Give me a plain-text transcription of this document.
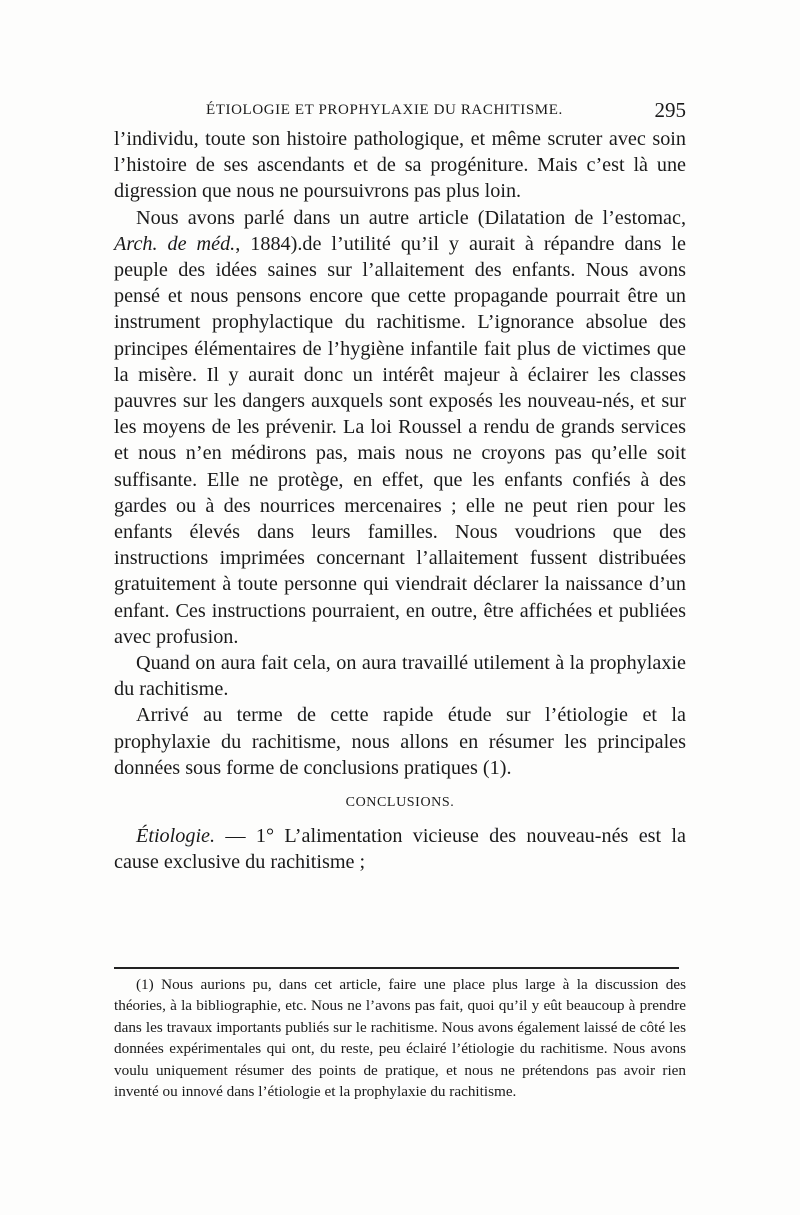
ÉTIOLOGIE ET PROPHYLAXIE DU RACHITISME.	295

l’individu, toute son histoire pathologique, et même scruter avec soin l’histoire de ses ascendants et de sa progéniture. Mais c’est là une digression que nous ne poursuivrons pas plus loin.

Nous avons parlé dans un autre article (Dilatation de l’estomac, Arch. de méd., 1884).de l’utilité qu’il y aurait à répandre dans le peuple des idées saines sur l’allaitement des enfants. Nous avons pensé et nous pensons encore que cette propagande pourrait être un instrument prophylactique du rachitisme. L’ignorance absolue des principes élémentaires de l’hygiène infantile fait plus de victimes que la misère. Il y aurait donc un intérêt majeur à éclairer les classes pauvres sur les dangers auxquels sont exposés les nouveau-nés, et sur les moyens de les prévenir. La loi Roussel a rendu de grands services et nous n’en médirons pas, mais nous ne croyons pas qu’elle soit suffisante. Elle ne protège, en effet, que les enfants confiés à des gardes ou à des nourrices mercenaires ; elle ne peut rien pour les enfants élevés dans leurs familles. Nous voudrions que des instructions imprimées concernant l’allaitement fussent distribuées gratuitement à toute personne qui viendrait déclarer la naissance d’un enfant. Ces instructions pourraient, en outre, être affichées et publiées avec profusion.

Quand on aura fait cela, on aura travaillé utilement à la prophylaxie du rachitisme.

Arrivé au terme de cette rapide étude sur l’étiologie et la prophylaxie du rachitisme, nous allons en résumer les principales données sous forme de conclusions pratiques (1).

CONCLUSIONS.

Étiologie. — 1° L’alimentation vicieuse des nouveau-nés est la cause exclusive du rachitisme ;

(1) Nous aurions pu, dans cet article, faire une place plus large à la discussion des théories, à la bibliographie, etc. Nous ne l’avons pas fait, quoi qu’il y eût beaucoup à prendre dans les travaux importants publiés sur le rachitisme. Nous avons également laissé de côté les données expérimentales qui ont, du reste, peu éclairé l’étiologie du rachitisme. Nous avons voulu uniquement résumer des points de pratique, et nous ne prétendons pas avoir rien inventé ou innové dans l’étiologie et la prophylaxie du rachitisme.
